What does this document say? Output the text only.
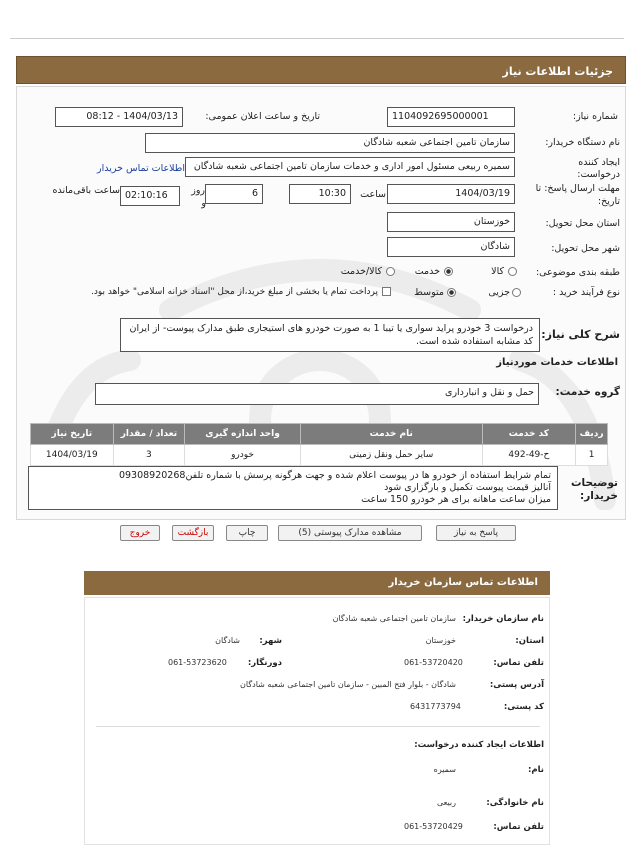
جزئیات اطلاعات نیاز
شماره نیاز:
1104092695000001
تاریخ و ساعت اعلان عمومی:
1404/03/13 - 08:12
نام دستگاه خریدار:
سازمان تامین اجتماعی شعبه شادگان
ایجاد کننده
درخواست:
سمیره ربیعی مسئول امور اداری و خدمات سازمان تامین اجتماعی شعبه شادگان
اطلاعات تماس خریدار
مهلت ارسال پاسخ: تا
تاریخ:
1404/03/19
ساعت
10:30
6
روز
و
02:10:16
ساعت باقی‌مانده
استان محل تحویل:
خوزستان
شهر محل تحویل:
شادگان
طبقه بندی موضوعی:
کالا
خدمت
کالا/خدمت
نوع فرآیند خرید :
جزیی
متوسط
پرداخت تمام یا بخشی از مبلغ خرید،از محل "اسناد خزانه اسلامی" خواهد بود.
شرح کلی نیاز:
درخواست 3 خودرو پراید سواری یا تیبا 1 به صورت خودرو های استیجاری طبق مدارک پیوست- از ایران کد مشابه استفاده شده است.
اطلاعات خدمات موردنیاز
گروه خدمت:
حمل و نقل و انبارداری
ردیف	کد خدمت	نام خدمت	واحد اندازه گیری	تعداد / مقدار	تاریخ نیاز
1	ح-49-492	سایر حمل ونقل زمینی	خودرو	3	1404/03/19
توضیحات
خریدار:
تمام شرایط استفاده از خودرو ها در پیوست اعلام شده و جهت هرگونه پرسش با شماره تلفن09308920268
آنالیز قیمت پیوست تکمیل و بارگزاری شود
میزان ساعت ماهانه برای هر خودرو 150 ساعت
پاسخ به نیاز
مشاهده مدارک پیوستی (5)
چاپ
بازگشت
خروج
اطلاعات تماس سازمان خریدار
نام سازمان خریدار:
سازمان تامین اجتماعی شعبه شادگان
استان:
خوزستان
شهر:
شادگان
تلفن تماس:
061-53720420
دورنگار:
061-53723620
آدرس پستی:
شادگان - بلوار فتح المبین - سازمان تامین اجتماعی شعبه شادگان
کد پستی:
6431773794
اطلاعات ایجاد کننده درخواست:
نام:
سمیره
نام خانوادگی:
ربیعی
تلفن تماس:
061-53720429
